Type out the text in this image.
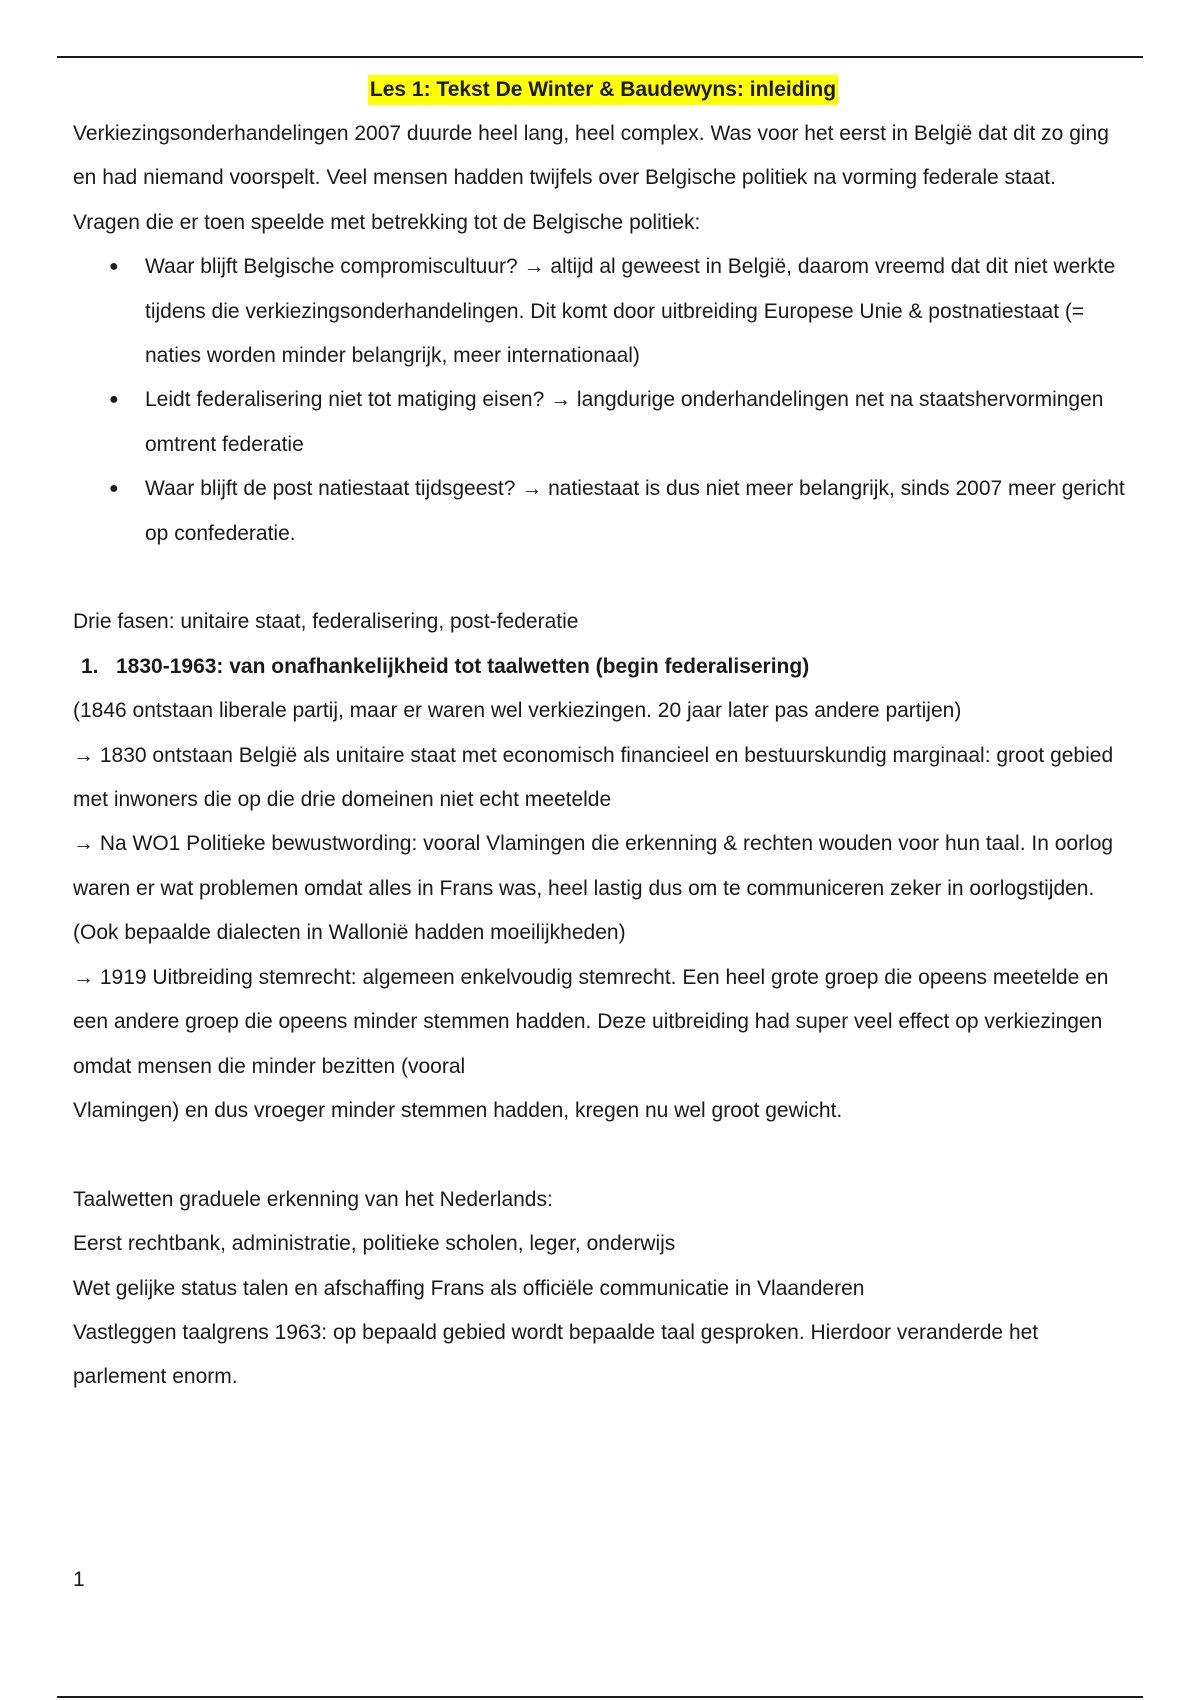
Les 1: Tekst De Winter & Baudewyns: inleiding

Verkiezingsonderhandelingen 2007 duurde heel lang, heel complex. Was voor het eerst in België dat dit zo ging en had niemand voorspelt. Veel mensen hadden twijfels over Belgische politiek na vorming federale staat.

Vragen die er toen speelde met betrekking tot de Belgische politiek:

● Waar blijft Belgische compromiscultuur? → altijd al geweest in België, daarom vreemd dat dit niet werkte tijdens die verkiezingsonderhandelingen. Dit komt door uitbreiding Europese Unie & postnatiestaat (= naties worden minder belangrijk, meer internationaal)
● Leidt federalisering niet tot matiging eisen? → langdurige onderhandelingen net na staatshervormingen omtrent federatie
● Waar blijft de post natiestaat tijdsgeest? → natiestaat is dus niet meer belangrijk, sinds 2007 meer gericht op confederatie.

Drie fasen: unitaire staat, federalisering, post-federatie

1. 1830-1963: van onafhankelijkheid tot taalwetten (begin federalisering)

(1846 ontstaan liberale partij, maar er waren wel verkiezingen. 20 jaar later pas andere partijen)

→ 1830 ontstaan België als unitaire staat met economisch financieel en bestuurskundig marginaal: groot gebied met inwoners die op die drie domeinen niet echt meetelde

→ Na WO1 Politieke bewustwording: vooral Vlamingen die erkenning & rechten wouden voor hun taal. In oorlog waren er wat problemen omdat alles in Frans was, heel lastig dus om te communiceren zeker in oorlogstijden. (Ook bepaalde dialecten in Wallonië hadden moeilijkheden)

→ 1919 Uitbreiding stemrecht: algemeen enkelvoudig stemrecht. Een heel grote groep die opeens meetelde en een andere groep die opeens minder stemmen hadden. Deze uitbreiding had super veel effect op verkiezingen omdat mensen die minder bezitten (vooral

Vlamingen) en dus vroeger minder stemmen hadden, kregen nu wel groot gewicht.

Taalwetten graduele erkenning van het Nederlands:

Eerst rechtbank, administratie, politieke scholen, leger, onderwijs

Wet gelijke status talen en afschaffing Frans als officiële communicatie in Vlaanderen

Vastleggen taalgrens 1963: op bepaald gebied wordt bepaalde taal gesproken. Hierdoor veranderde het parlement enorm.

1
